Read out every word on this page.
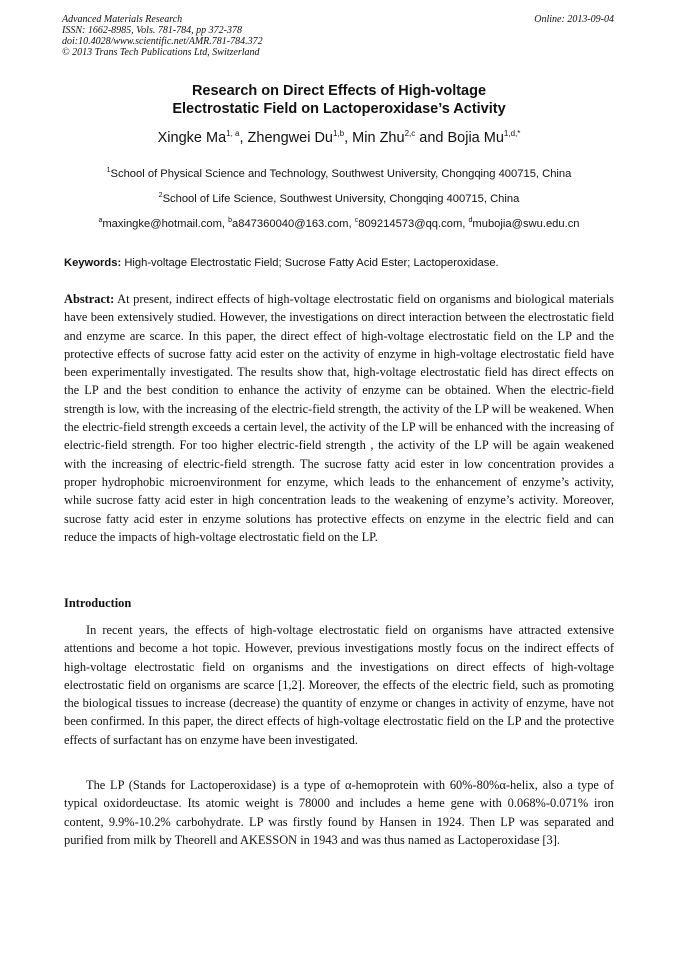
Advanced Materials Research
ISSN: 1662-8985, Vols. 781-784, pp 372-378
doi:10.4028/www.scientific.net/AMR.781-784.372
© 2013 Trans Tech Publications Ltd, Switzerland
Online: 2013-09-04
Research on Direct Effects of High-voltage
Electrostatic Field on Lactoperoxidase’s Activity
Xingke Ma$^{1, a}$, Zhengwei Du$^{1,b}$, Min Zhu$^{2,c}$ and Bojia $Mu^{1,d,*}$
$^1$School of Physical Science and Technology, Southwest University, Chongqing 400715, China
$^2$School of Life Science, Southwest University, Chongqing 400715, China
$^a$maxingke@hotmail.com, $^b$a847360040@163.com, $^c$809214573@qq.com, $^d$mubojia@swu.edu.cn
Keywords: High-voltage Electrostatic Field; Sucrose Fatty Acid Ester; Lactoperoxidase.
Abstract: At present, indirect effects of high-voltage electrostatic field on organisms and biological materials have been extensively studied. However, the investigations on direct interaction between the electrostatic field and enzyme are scarce. In this paper, the direct effect of high-voltage electrostatic field on the LP and the protective effects of sucrose fatty acid ester on the activity of enzyme in high-voltage electrostatic field have been experimentally investigated. The results show that, high-voltage electrostatic field has direct effects on the LP and the best condition to enhance the activity of enzyme can be obtained. When the electric-field strength is low, with the increasing of the electric-field strength, the activity of the LP will be weakened. When the electric-field strength exceeds a certain level, the activity of the LP will be enhanced with the increasing of electric-field strength. For too higher electric-field strength , the activity of the LP will be again weakened with the increasing of electric-field strength. The sucrose fatty acid ester in low concentration provides a proper hydrophobic microenvironment for enzyme, which leads to the enhancement of enzyme’s activity, while sucrose fatty acid ester in high concentration leads to the weakening of enzyme’s activity. Moreover, sucrose fatty acid ester in enzyme solutions has protective effects on enzyme in the electric field and can reduce the impacts of high-voltage electrostatic field on the LP.
Introduction
In recent years, the effects of high-voltage electrostatic field on organisms have attracted extensive attentions and become a hot topic. However, previous investigations mostly focus on the indirect effects of high-voltage electrostatic field on organisms and the investigations on direct effects of high-voltage electrostatic field on organisms are scarce [1,2]. Moreover, the effects of the electric field, such as promoting the biological tissues to increase (decrease) the quantity of enzyme or changes in activity of enzyme, have not been confirmed. In this paper, the direct effects of high-voltage electrostatic field on the LP and the protective effects of surfactant has on enzyme have been investigated.
The LP (Stands for Lactoperoxidase) is a type of α-hemoprotein with 60%-80%α-helix, also a type of typical oxidordeuctase. Its atomic weight is 78000 and includes a heme gene with 0.068%-0.071% iron content, 9.9%-10.2% carbohydrate. LP was firstly found by Hansen in 1924. Then LP was separated and purified from milk by Theorell and AKESSON in 1943 and was thus named as Lactoperoxidase [3].
